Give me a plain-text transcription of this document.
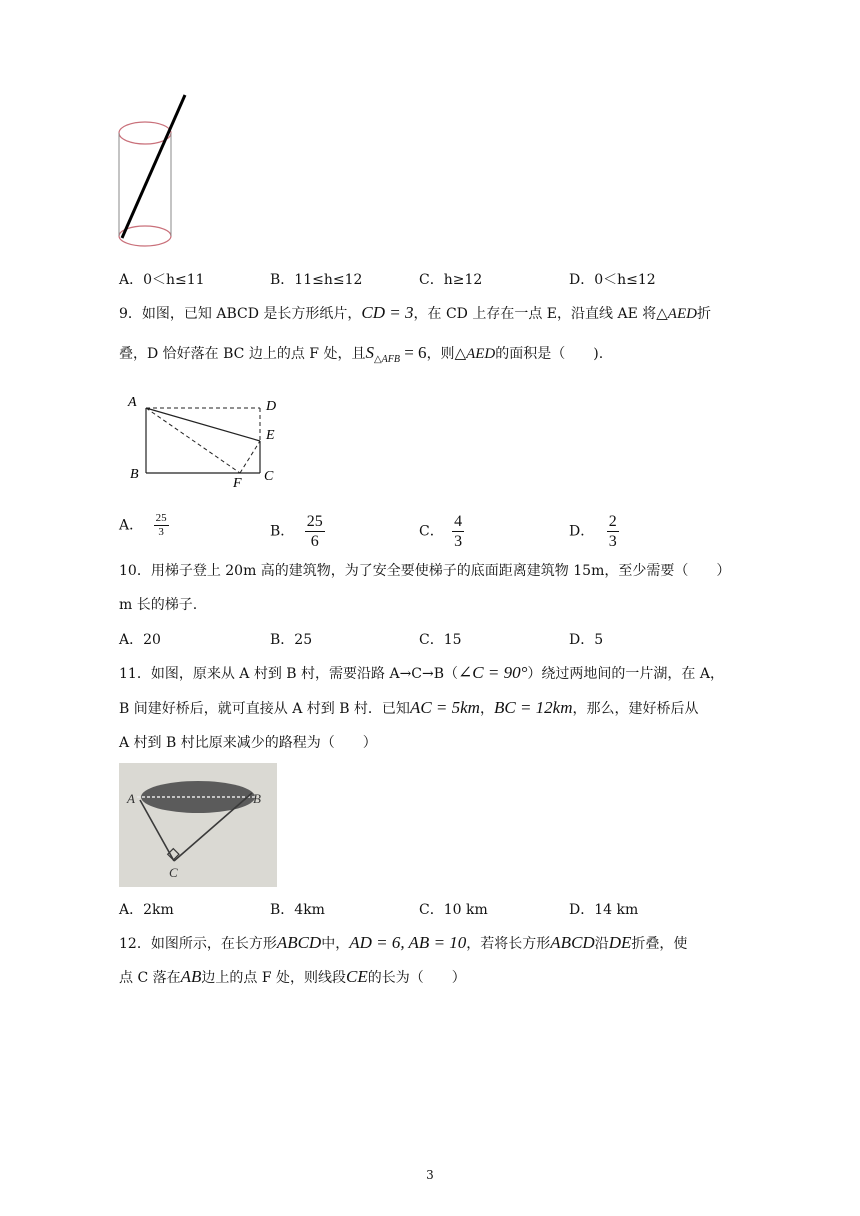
A．0＜h≤11	B．11≤h≤12	C．h≥12	D．0＜h≤12
9．如图，已知 ABCD 是长方形纸片，CD = 3，在 CD 上存在一点 E，沿直线 AE 将△AED折
叠，D 恰好落在 BC 边上的点 F 处，且$S_{\triangle AFB} = 6$，则△AED的面积是（　　).
A
B	C
D
E
F
A． $\frac{25}{3}$	B． $\frac{25}{6}$	C． $\frac{4}{3}$	D． $\frac{2}{3}$
10．用梯子登上 20m 高的建筑物，为了安全要使梯子的底面距离建筑物 15m，至少需要（　　）
m 长的梯子.
A．20	B．25	C．15	D．5
11．如图，原来从 A 村到 B 村，需要沿路 A→C→B（∠C = 90°）绕过两地间的一片湖，在 A，
B 间建好桥后，就可直接从 A 村到 B 村．已知AC = 5km，BC = 12km，那么，建好桥后从
A 村到 B 村比原来减少的路程为（　　）
A	B
C
A．2km	B．4km	C．10 km	D．14 km
12．如图所示，在长方形ABCD中，AD = 6, AB = 10，若将长方形ABCD沿DE折叠，使
点 C 落在AB边上的点 F 处，则线段CE的长为（　　）
3
